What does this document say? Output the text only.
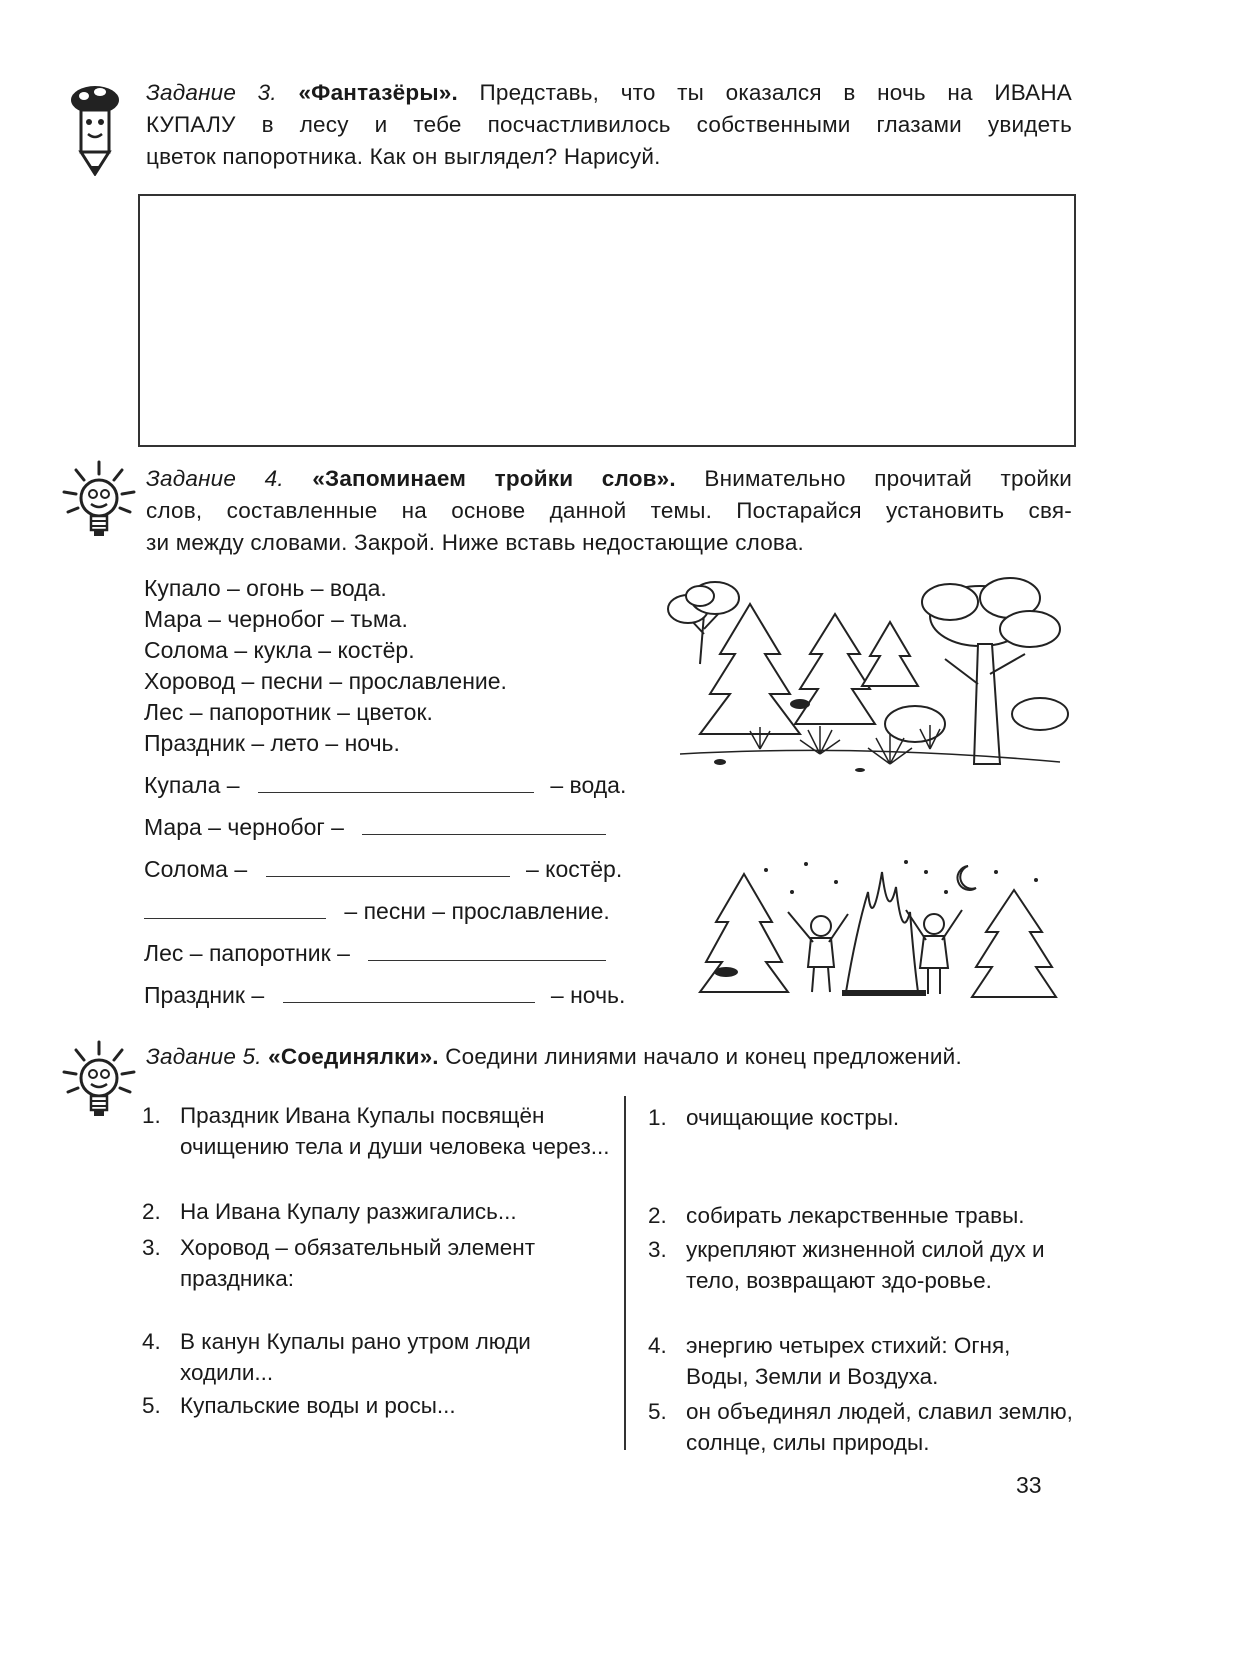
Задание 3. «Фантазёры». Представь, что ты оказался в ночь на ИВАНА
КУПАЛУ в лесу и тебе посчастливилось собственными глазами увидеть
цветок папоротника. Как он выглядел? Нарисуй.
Задание 4. «Запоминаем тройки слов». Внимательно прочитай тройки
слов, составленные на основе данной темы. Постарайся установить свя-
зи между словами. Закрой. Ниже вставь недостающие слова.
Купало – огонь – вода.
Мара – чернобог – тьма.
Солома – кукла – костёр.
Хоровод – песни – прославление.
Лес – папоротник – цветок.
Праздник – лето – ночь.
Купала –	– вода.
Мара – чернобог –
Солома –	– костёр.
– песни – прославление.
Лес – папоротник –
Праздник –	– ночь.
Задание 5. «Соединялки». Соедини линиями начало и конец предложений.
1. Праздник Ивана Купалы посвящён очищению тела и души человека через...
2. На Ивана Купалу разжигались...
3. Хоровод – обязательный элемент праздника:
4. В канун Купалы рано утром люди ходили...
5. Купальские воды и росы...
1. очищающие костры.
2. собирать лекарственные травы.
3. укрепляют жизненной силой дух и тело, возвращают здо-ровье.
4. энергию четырех стихий: Огня, Воды, Земли и Воздуха.
5. он объединял людей, славил землю, солнце, силы природы.
33
